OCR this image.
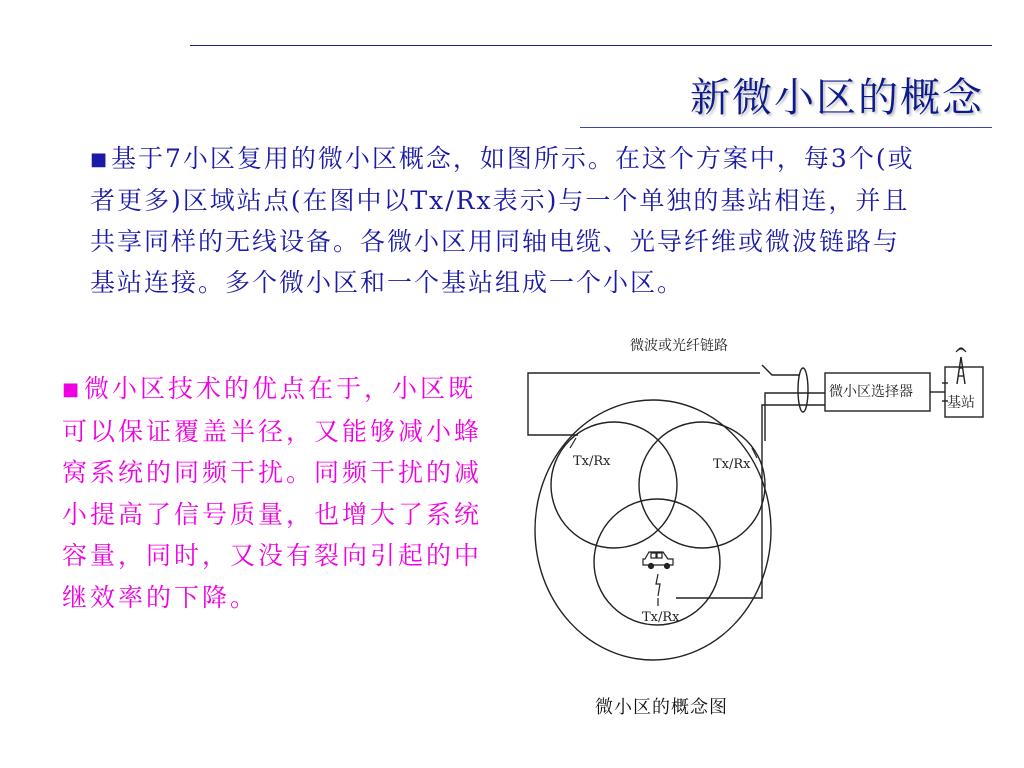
新微小区的概念
■基于7小区复用的微小区概念，如图所示。在这个方案中，每3个(或者更多)区域站点(在图中以Tx/Rx表示)与一个单独的基站相连，并且共享同样的无线设备。各微小区用同轴电缆、光导纤维或微波链路与基站连接。多个微小区和一个基站组成一个小区。
■微小区技术的优点在于，小区既可以保证覆盖半径，又能够减小蜂窝系统的同频干扰。同频干扰的减小提高了信号质量，也增大了系统容量，同时，又没有裂向引起的中继效率的下降。
微波或光纤链路
微小区选择器
基站
Tx/Rx	Tx/Rx
Tx/Rx
微小区的概念图
